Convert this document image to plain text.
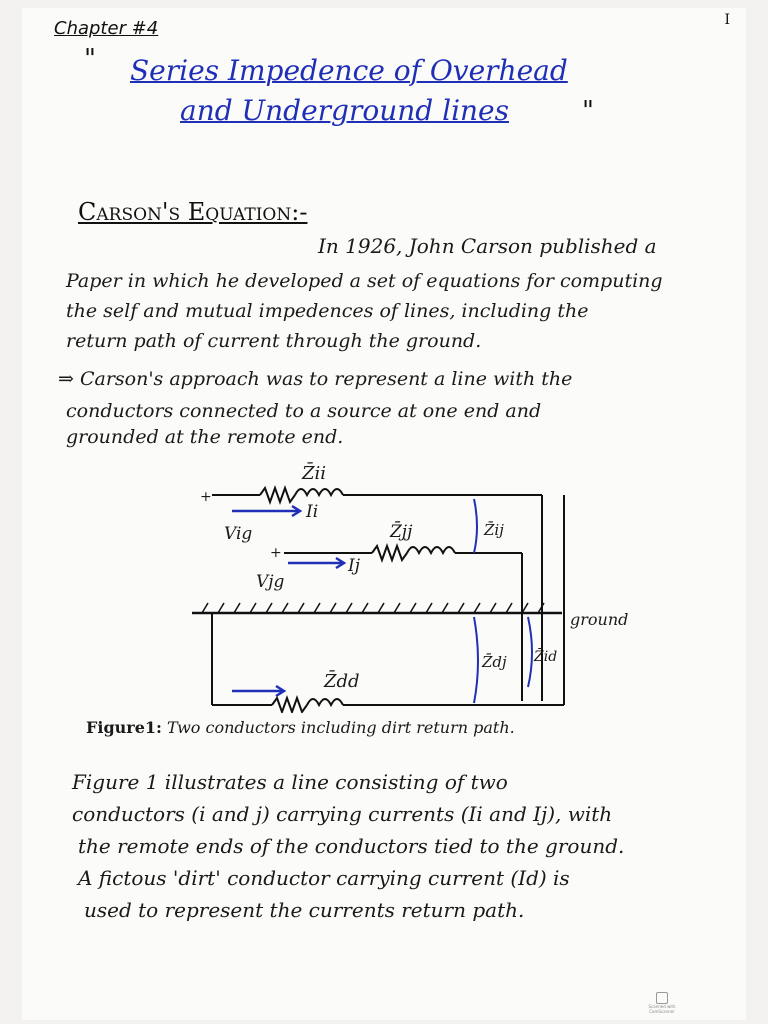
I
Chapter #4
" Series Impedence of Overhead
and Underground lines	"
Carson's Equation:-
In 1926, John Carson published a
Paper in which he developed a set of equations for computing
the self and mutual impedences of lines, including the
return path of current through the ground.
⇒ Carson's approach was to represent a line with the
conductors connected to a source at one end and
grounded at the remote end.
Z̄ii
Ii
+
Vig	Z̄jj	Z̄ij
+
Ij
Vjg
ground
Z̄dj Z̄id
Z̄dd
Figure1: Two conductors including dirt return path.
Figure 1 illustrates a line consisting of two
conductors (i and j) carrying currents (Ii and Ij), with
the remote ends of the conductors tied to the ground.
A fictous 'dirt' conductor carrying current (Id) is
used to represent the currents return path.
Scanned with CamScanner
